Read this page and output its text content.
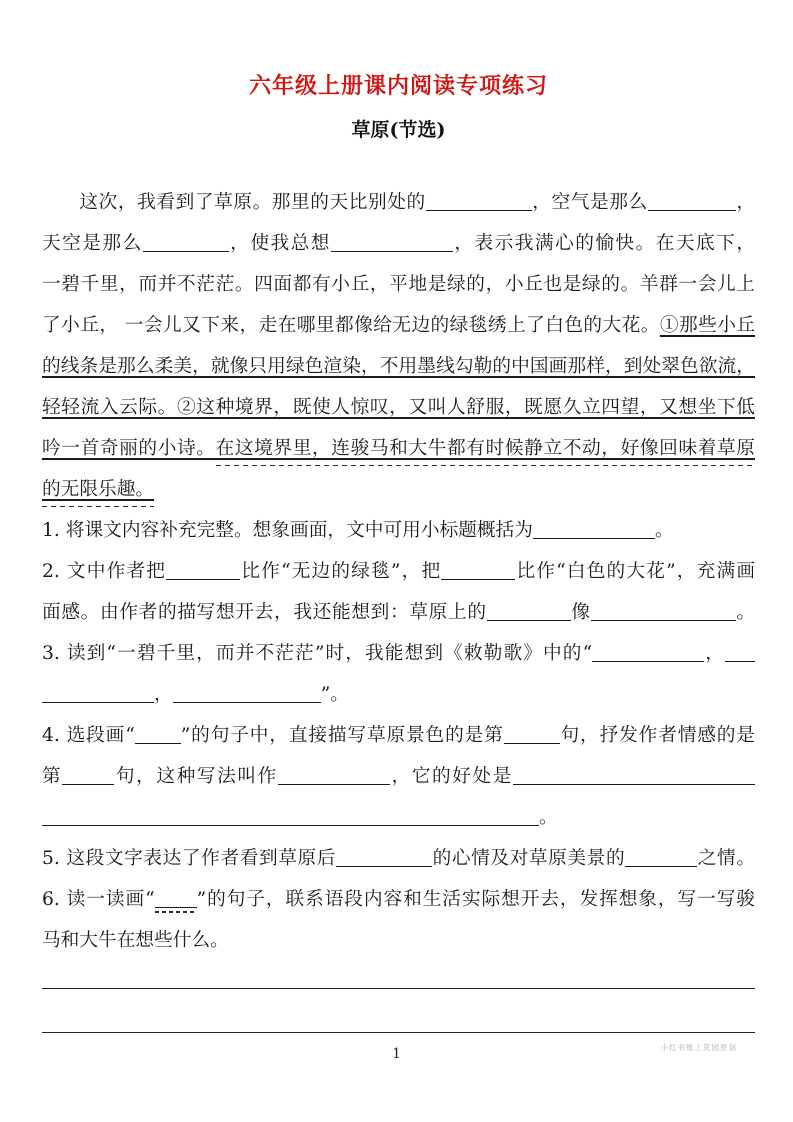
六年级上册课内阅读专项练习
草原(节选)
这次，我看到了草原。那里的天比别处的	，空气是那么	，
天空是那么	，使我总想	，表示我满心的愉快。在天底下，
一碧千里，而并不茫茫。四面都有小丘，平地是绿的，小丘也是绿的。羊群一会儿上
了小丘， 一会儿又下来，走在哪里都像给无边的绿毯绣上了白色的大花。①那些小丘
的线条是那么柔美，就像只用绿色渲染，不用墨线勾勒的中国画那样，到处翠色欲流，
轻轻流入云际。②这种境界，既使人惊叹，又叫人舒服，既愿久立四望，又想坐下低
吟一首奇丽的小诗。在这境界里，连骏马和大牛都有时候静立不动，好像回味着草原
的无限乐趣。
1. 将课文内容补充完整。想象画面，文中可用小标题概括为	。
2. 文中作者把	比作“无边的绿毯”，把	比作“白色的大花”，充满画
面感。由作者的描写想开去，我还能想到：草原上的	像	。
3. 读到“一碧千里，而并不茫茫”时，我能想到《敕勒歌》中的“	，
，	”。
4. 选段画“ ”的句子中，直接描写草原景色的是第	句，抒发作者情感的是
第	句，这种写法叫作	，它的好处是
。
5. 这段文字表达了作者看到草原后	的心情及对草原美景的	之情。
6. 读一读画“ ”的句子，联系语段内容和生活实际想开去，发挥想象，写一写骏
马和大牛在想些什么。
小红书账上花园原创
1
